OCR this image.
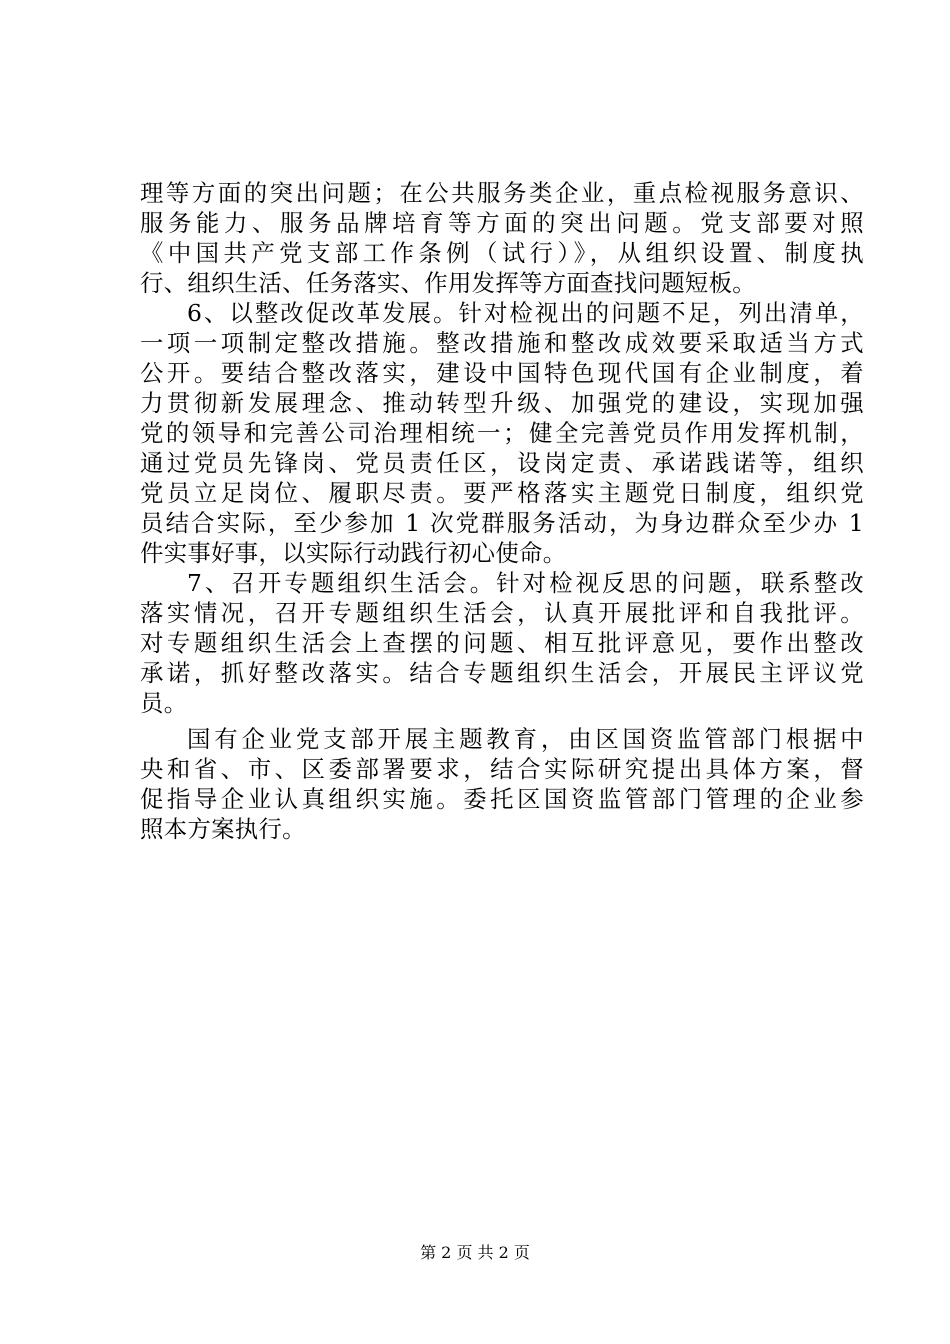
理等方面的突出问题；在公共服务类企业，重点检视服务意识、
服务能力、服务品牌培育等方面的突出问题。党支部要对照
《中国共产党支部工作条例（试行）》，从组织设置、制度执
行、组织生活、任务落实、作用发挥等方面查找问题短板。
6、以整改促改革发展。针对检视出的问题不足，列出清单，
一项一项制定整改措施。整改措施和整改成效要采取适当方式
公开。要结合整改落实，建设中国特色现代国有企业制度，着
力贯彻新发展理念、推动转型升级、加强党的建设，实现加强
党的领导和完善公司治理相统一；健全完善党员作用发挥机制，
通过党员先锋岗、党员责任区，设岗定责、承诺践诺等，组织
党员立足岗位、履职尽责。要严格落实主题党日制度，组织党
员结合实际，至少参加 1 次党群服务活动，为身边群众至少办 1
件实事好事，以实际行动践行初心使命。
7、召开专题组织生活会。针对检视反思的问题，联系整改
落实情况，召开专题组织生活会，认真开展批评和自我批评。
对专题组织生活会上查摆的问题、相互批评意见，要作出整改
承诺，抓好整改落实。结合专题组织生活会，开展民主评议党
员。
国有企业党支部开展主题教育，由区国资监管部门根据中
央和省、市、区委部署要求，结合实际研究提出具体方案，督
促指导企业认真组织实施。委托区国资监管部门管理的企业参
照本方案执行。
第 2 页 共 2 页
